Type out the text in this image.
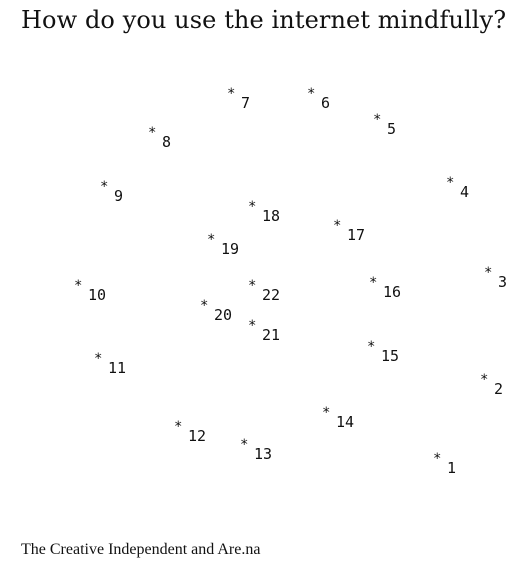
How do you use the internet mindfully?
* 1
* 2
* 3
* 4
* 5
* 6
* 7
* 8
* 9
* 10
* 11
* 12 * 13
* 14
* 15
* 16
* 17
* 18
* 19
* 20
* 21
* 22

The Creative Independent and Are.na
